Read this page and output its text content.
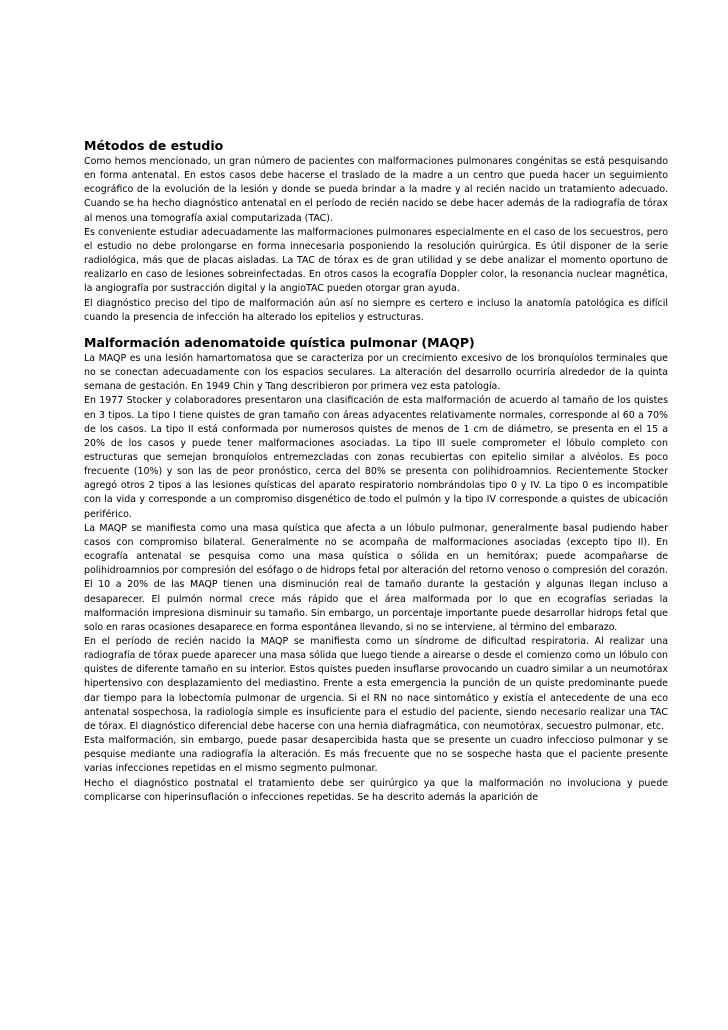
Métodos de estudio

Como hemos mencionado, un gran número de pacientes con malformaciones pulmonares congénitas se está pesquisando en forma antenatal. En estos casos debe hacerse el traslado de la madre a un centro que pueda hacer un seguimiento ecográfico de la evolución de la lesión y donde se pueda brindar a la madre y al recién nacido un tratamiento adecuado. Cuando se ha hecho diagnóstico antenatal en el período de recién nacido se debe hacer además de la radiografía de tórax al menos una tomografía axial computarizada (TAC).

Es conveniente estudiar adecuadamente las malformaciones pulmonares especialmente en el caso de los secuestros, pero el estudio no debe prolongarse en forma innecesaria posponiendo la resolución quirúrgica. Es útil disponer de la serie radiológica, más que de placas aisladas. La TAC de tórax es de gran utilidad y se debe analizar el momento oportuno de realizarlo en caso de lesiones sobreinfectadas. En otros casos la ecografía Doppler color, la resonancia nuclear magnética, la angiografía por sustracción digital y la angioTAC pueden otorgar gran ayuda.

El diagnóstico preciso del tipo de malformación aún así no siempre es certero e incluso la anatomía patológica es difícil cuando la presencia de infección ha alterado los epitelios y estructuras.

Malformación adenomatoide quística pulmonar (MAQP)

La MAQP es una lesión hamartomatosa que se caracteriza por un crecimiento excesivo de los bronquíolos terminales que no se conectan adecuadamente con los espacios seculares. La alteración del desarrollo ocurriría alrededor de la quinta semana de gestación. En 1949 Chin y Tang describieron por primera vez esta patología.

En 1977 Stocker y colaboradores presentaron una clasificación de esta malformación de acuerdo al tamaño de los quistes en 3 tipos. La tipo I tiene quistes de gran tamaño con áreas adyacentes relativamente normales, corresponde al 60 a 70% de los casos. La tipo II está conformada por numerosos quistes de menos de 1 cm de diámetro, se presenta en el 15 a 20% de los casos y puede tener malformaciones asociadas. La tipo III suele comprometer el lóbulo completo con estructuras que semejan bronquíolos entremezcladas con zonas recubiertas con epitelio similar a alvéolos. Es poco frecuente (10%) y son las de peor pronóstico, cerca del 80% se presenta con polihidroamnios. Recientemente Stocker agregó otros 2 tipos a las lesiones quísticas del aparato respiratorio nombrándolas tipo 0 y IV. La tipo 0 es incompatible con la vida y corresponde a un compromiso disgenético de todo el pulmón y la tipo IV corresponde a quistes de ubicación periférico.

La MAQP se manifiesta como una masa quística que afecta a un lóbulo pulmonar, generalmente basal pudiendo haber casos con compromiso bilateral. Generalmente no se acompaña de malformaciones asociadas (excepto tipo II). En ecografía antenatal se pesquisa como una masa quística o sólida en un hemitórax; puede acompañarse de polihidroamnios por compresión del esófago o de hidrops fetal por alteración del retorno venoso o compresión del corazón. El 10 a 20% de las MAQP tienen una disminución real de tamaño durante la gestación y algunas llegan incluso a desaparecer. El pulmón normal crece más rápido que el área malformada por lo que en ecografías seriadas la malformación impresiona disminuir su tamaño. Sin embargo, un porcentaje importante puede desarrollar hidrops fetal que solo en raras ocasiones desaparece en forma espontánea llevando, si no se interviene, al término del embarazo.

En el período de recién nacido la MAQP se manifiesta como un síndrome de dificultad respiratoria. Al realizar una radiografía de tórax puede aparecer una masa sólida que luego tiende a airearse o desde el comienzo como un lóbulo con quistes de diferente tamaño en su interior. Estos quistes pueden insuflarse provocando un cuadro similar a un neumotórax hipertensivo con desplazamiento del mediastino. Frente a esta emergencia la punción de un quiste predominante puede dar tiempo para la lobectomía pulmonar de urgencia. Si el RN no nace sintomático y existía el antecedente de una eco antenatal sospechosa, la radiología simple es insuficiente para el estudio del paciente, siendo necesario realizar una TAC de tórax. El diagnóstico diferencial debe hacerse con una hernia diafragmática, con neumotórax, secuestro pulmonar, etc.

Esta malformación, sin embargo, puede pasar desapercibida hasta que se presente un cuadro infeccioso pulmonar y se pesquise mediante una radiografía la alteración. Es más frecuente que no se sospeche hasta que el paciente presente varias infecciones repetidas en el mismo segmento pulmonar.

Hecho el diagnóstico postnatal el tratamiento debe ser quirúrgico ya que la malformación no involuciona y puede complicarse con hiperinsuflación o infecciones repetidas. Se ha descrito además la aparición de
